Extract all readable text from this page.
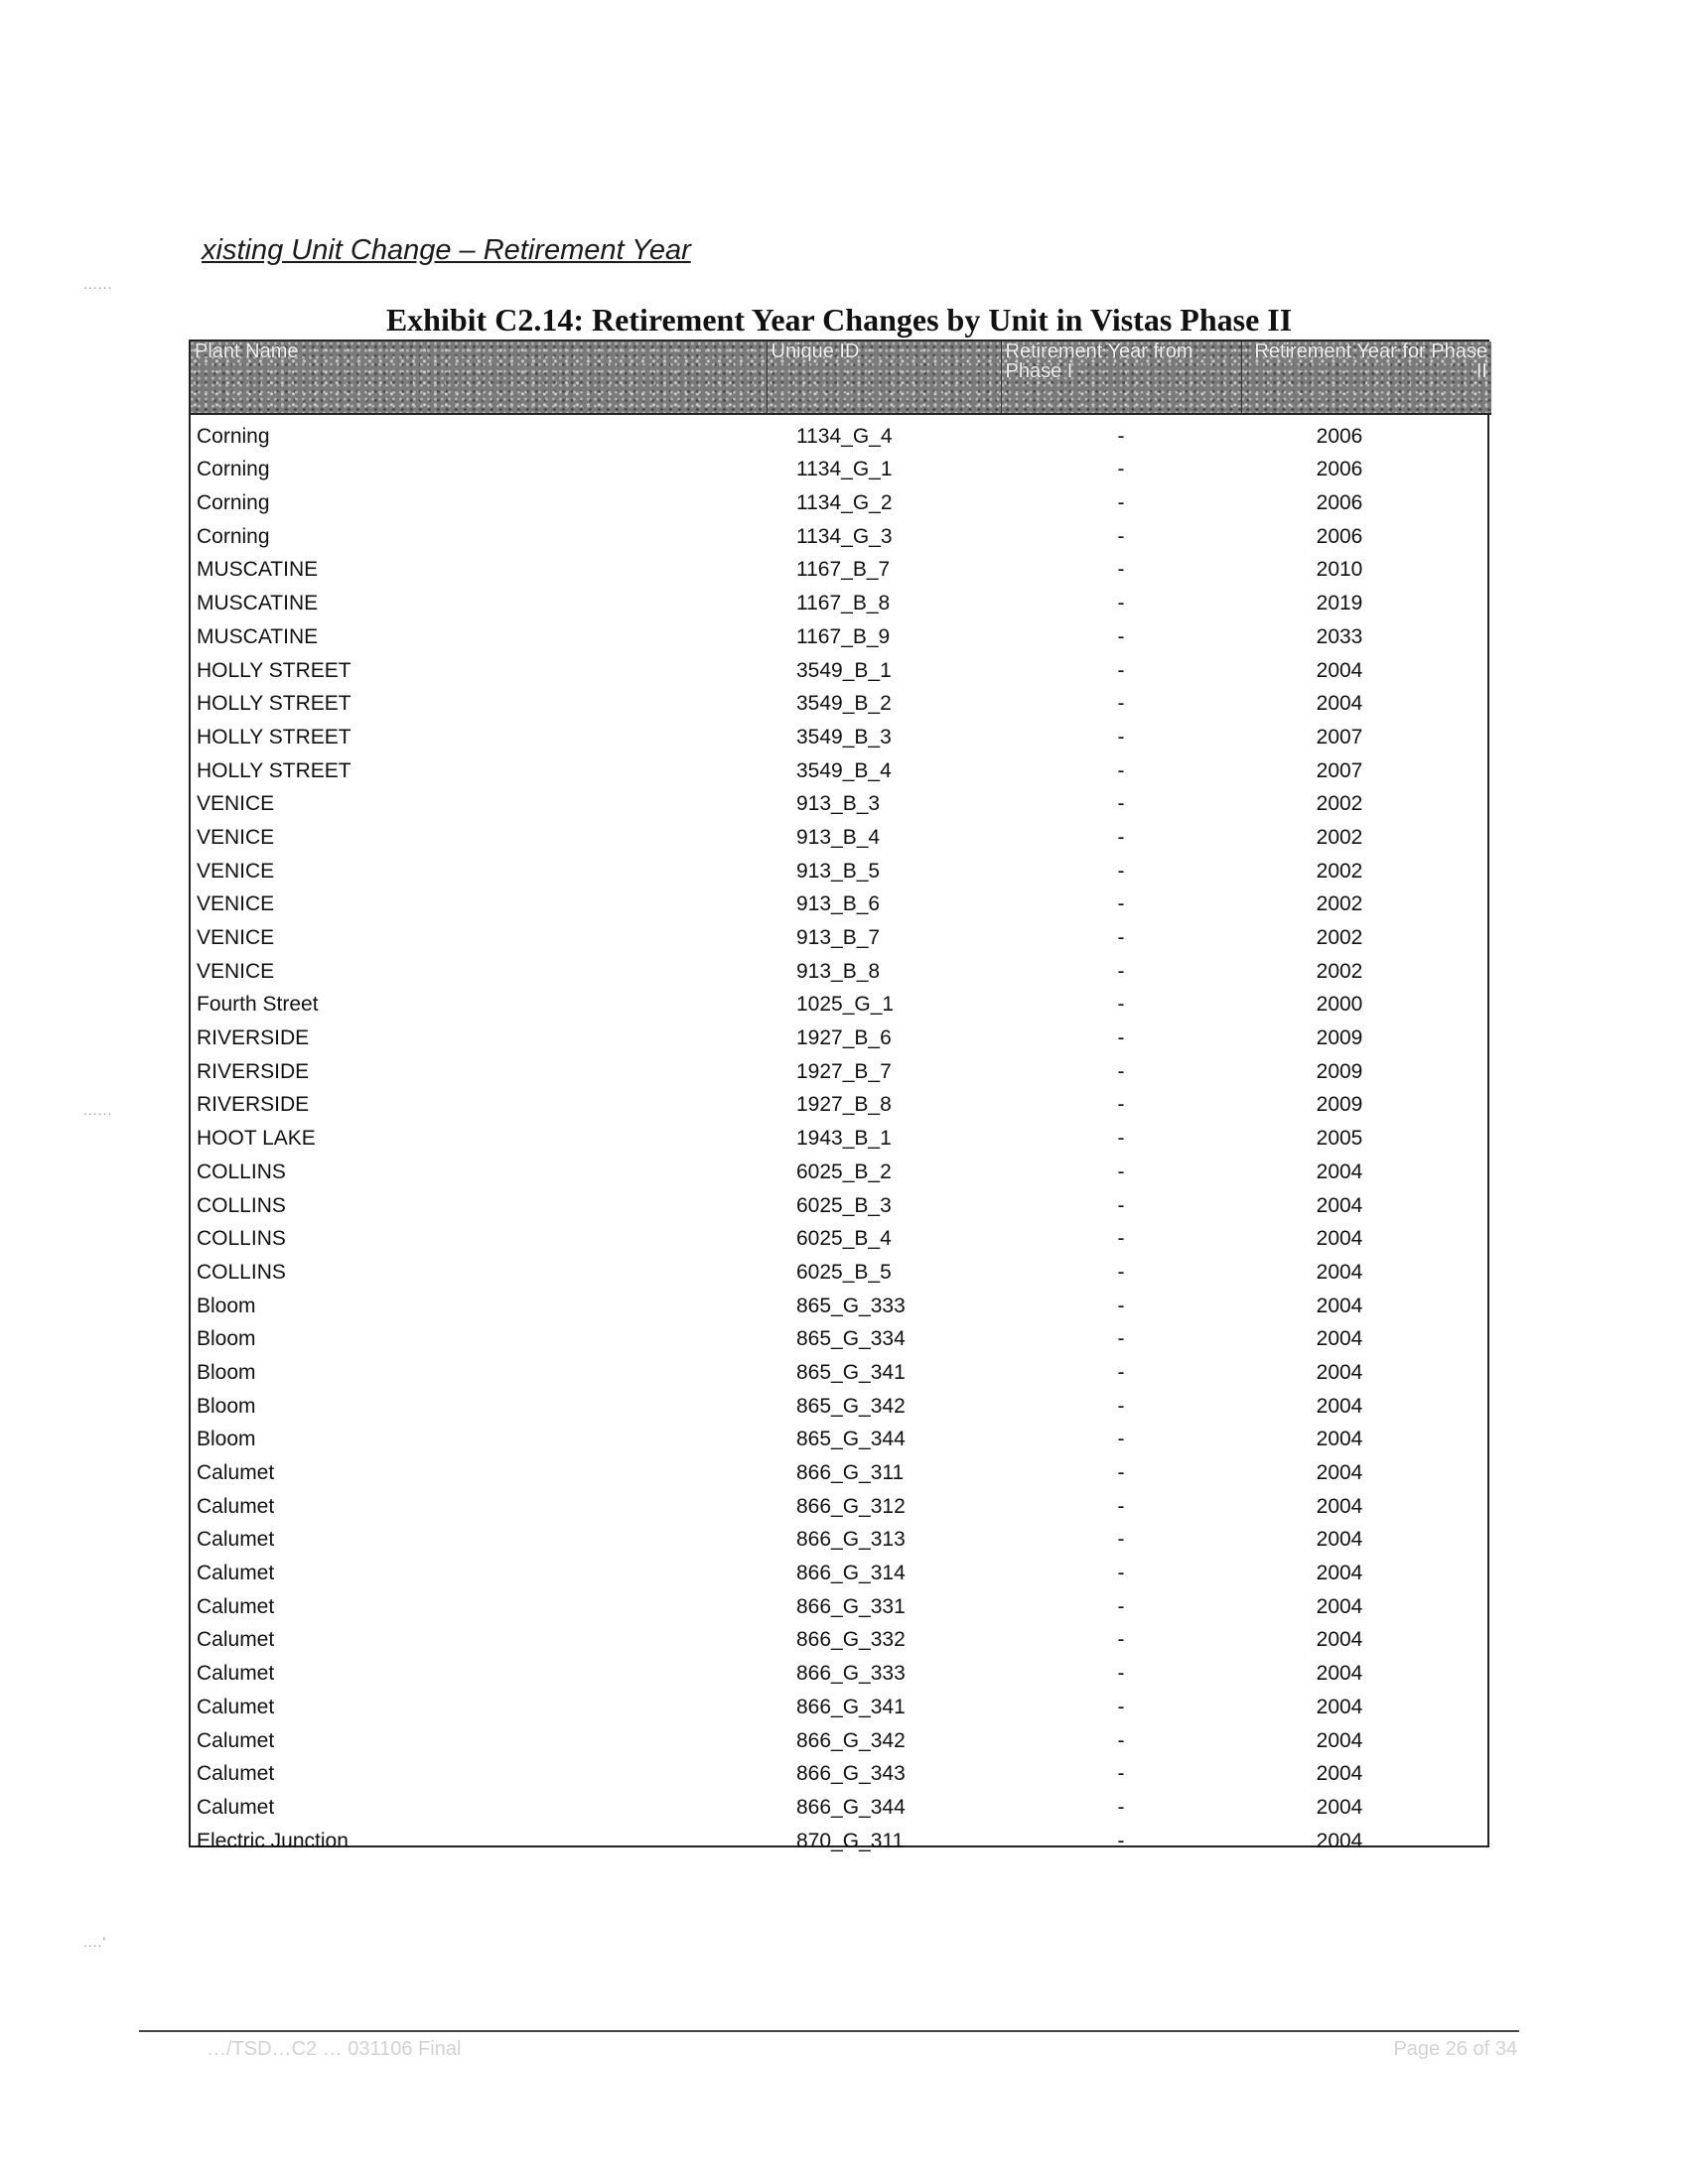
xisting Unit Change – Retirement Year
Exhibit C2.14: Retirement Year Changes by Unit in Vistas Phase II
Plant Name	Unique ID	Retirement Year from Phase I	Retirement Year for Phase II
Corning	1134_G_4	-	2006
Corning	1134_G_1	-	2006
Corning	1134_G_2	-	2006
Corning	1134_G_3	-	2006
MUSCATINE	1167_B_7	-	2010
MUSCATINE	1167_B_8	-	2019
MUSCATINE	1167_B_9	-	2033
HOLLY STREET	3549_B_1	-	2004
HOLLY STREET	3549_B_2	-	2004
HOLLY STREET	3549_B_3	-	2007
HOLLY STREET	3549_B_4	-	2007
VENICE	913_B_3	-	2002
VENICE	913_B_4	-	2002
VENICE	913_B_5	-	2002
VENICE	913_B_6	-	2002
VENICE	913_B_7	-	2002
VENICE	913_B_8	-	2002
Fourth Street	1025_G_1	-	2000
RIVERSIDE	1927_B_6	-	2009
RIVERSIDE	1927_B_7	-	2009
RIVERSIDE	1927_B_8	-	2009
HOOT LAKE	1943_B_1	-	2005
COLLINS	6025_B_2	-	2004
COLLINS	6025_B_3	-	2004
COLLINS	6025_B_4	-	2004
COLLINS	6025_B_5	-	2004
Bloom	865_G_333	-	2004
Bloom	865_G_334	-	2004
Bloom	865_G_341	-	2004
Bloom	865_G_342	-	2004
Bloom	865_G_344	-	2004
Calumet	866_G_311	-	2004
Calumet	866_G_312	-	2004
Calumet	866_G_313	-	2004
Calumet	866_G_314	-	2004
Calumet	866_G_331	-	2004
Calumet	866_G_332	-	2004
Calumet	866_G_333	-	2004
Calumet	866_G_341	-	2004
Calumet	866_G_342	-	2004
Calumet	866_G_343	-	2004
Calumet	866_G_344	-	2004
Electric Junction	870_G_311	-	2004
......
......
....'
…/TSD…C2 … 031106 Final	Page 26 of 34
